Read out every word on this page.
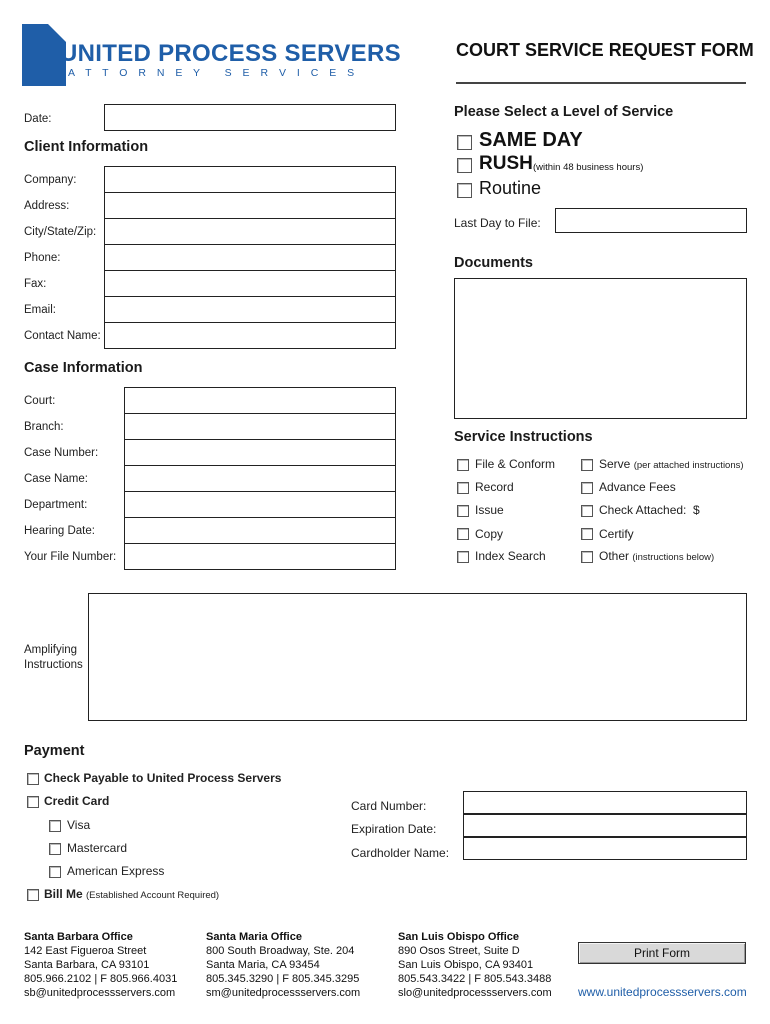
UNITED PROCESS SERVERS
A T T O R N E Y   S E R V I C E S
COURT SERVICE REQUEST FORM
Date:
Client Information
Company:
Address:
City/State/Zip:
Phone:
Fax:
Email:
Contact Name:
Case Information
Court:
Branch:
Case Number:
Case Name:
Department:
Hearing Date:
Your File Number:
Please Select a Level of Service
SAME DAY
RUSH (within 48 business hours)
Routine
Last Day to File:
Documents
Service Instructions
File & Conform
Record
Issue
Copy
Index Search
Serve (per attached instructions)
Advance Fees
Check Attached:  $
Certify
Other (instructions below)
Amplifying
Instructions
Payment
Check Payable to United Process Servers
Credit Card
Visa
Mastercard
American Express
Bill Me (Established Account Required)
Card Number:
Expiration Date:
Cardholder Name:
Santa Barbara Office
142 East Figueroa Street
Santa Barbara, CA 93101
805.966.2102 | F 805.966.4031
sb@unitedprocessservers.com
Santa Maria Office
800 South Broadway, Ste. 204
Santa Maria, CA 93454
805.345.3290 | F 805.345.3295
sm@unitedprocessservers.com
San Luis Obispo Office
890 Osos Street, Suite D
San Luis Obispo, CA 93401
805.543.3422 | F 805.543.3488
slo@unitedprocessservers.com
Print Form
www.unitedprocessservers.com
